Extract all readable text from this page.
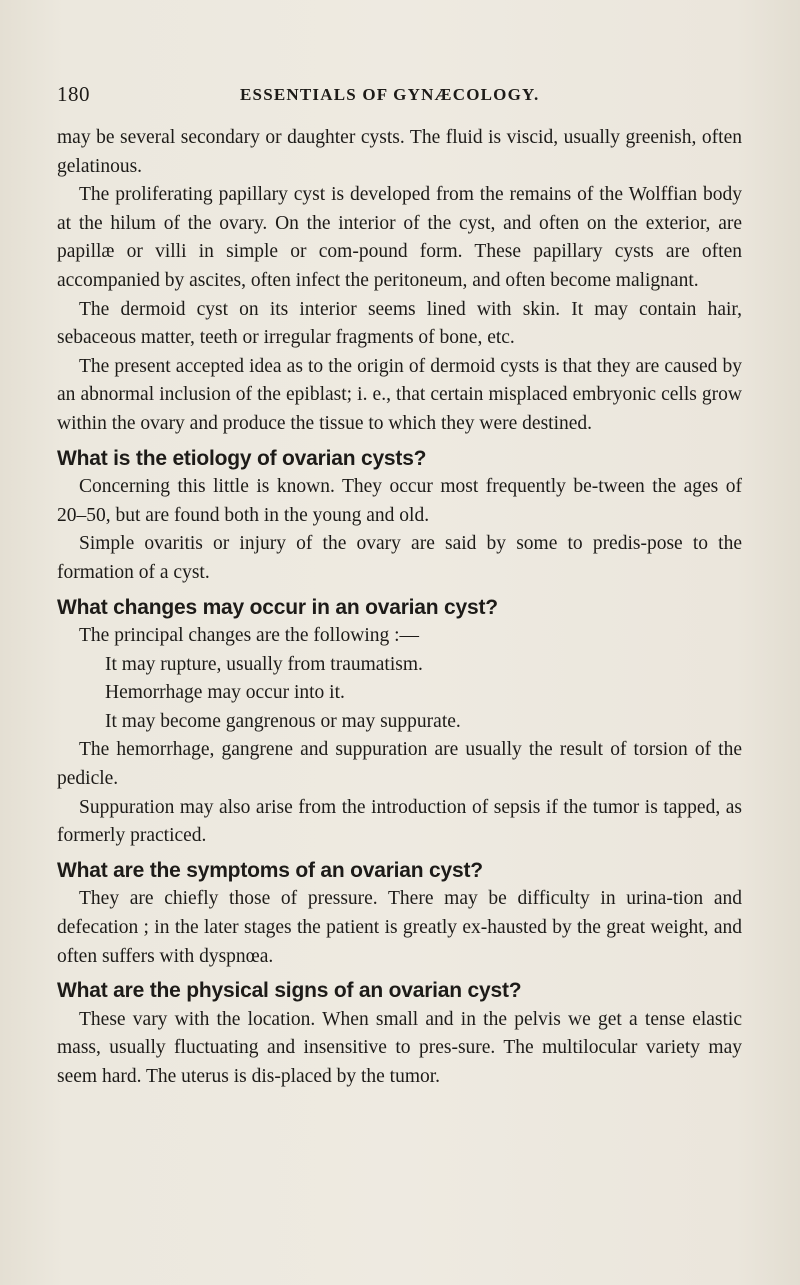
180	ESSENTIALS OF GYNÆCOLOGY.

may be several secondary or daughter cysts. The fluid is viscid, usually greenish, often gelatinous.

The proliferating papillary cyst is developed from the remains of the Wolffian body at the hilum of the ovary. On the interior of the cyst, and often on the exterior, are papillæ or villi in simple or com-pound form. These papillary cysts are often accompanied by ascites, often infect the peritoneum, and often become malignant.

The dermoid cyst on its interior seems lined with skin. It may contain hair, sebaceous matter, teeth or irregular fragments of bone, etc.

The present accepted idea as to the origin of dermoid cysts is that they are caused by an abnormal inclusion of the epiblast; i. e., that certain misplaced embryonic cells grow within the ovary and produce the tissue to which they were destined.

What is the etiology of ovarian cysts?

Concerning this little is known. They occur most frequently be-tween the ages of 20–50, but are found both in the young and old.

Simple ovaritis or injury of the ovary are said by some to predis-pose to the formation of a cyst.

What changes may occur in an ovarian cyst?

The principal changes are the following :—

It may rupture, usually from traumatism.

Hemorrhage may occur into it.

It may become gangrenous or may suppurate.

The hemorrhage, gangrene and suppuration are usually the result of torsion of the pedicle.

Suppuration may also arise from the introduction of sepsis if the tumor is tapped, as formerly practiced.

What are the symptoms of an ovarian cyst?

They are chiefly those of pressure. There may be difficulty in urina-tion and defecation ; in the later stages the patient is greatly ex-hausted by the great weight, and often suffers with dyspnœa.

What are the physical signs of an ovarian cyst?

These vary with the location. When small and in the pelvis we get a tense elastic mass, usually fluctuating and insensitive to pres-sure. The multilocular variety may seem hard. The uterus is dis-placed by the tumor.
